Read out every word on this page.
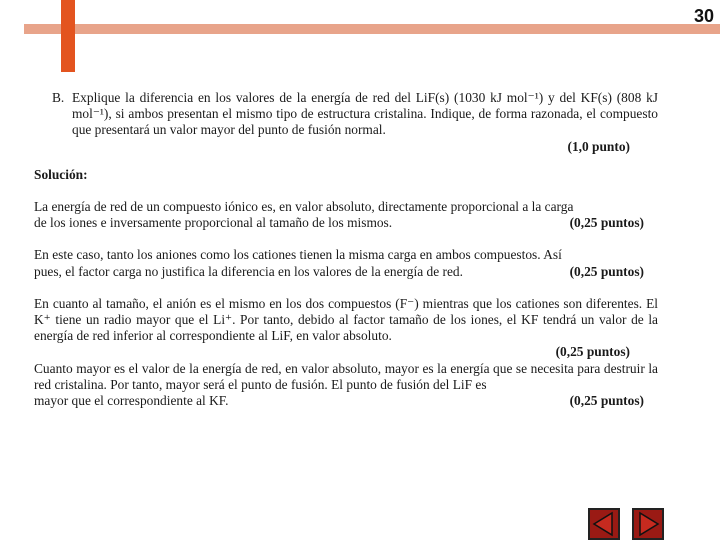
30
B. Explique la diferencia en los valores de la energía de red del LiF(s) (1030 kJ mol⁻¹) y del KF(s) (808 kJ mol⁻¹), si ambos presentan el mismo tipo de estructura cristalina. Indique, de forma razonada, el compuesto que presentará un valor mayor del punto de fusión normal.
(1,0 punto)
Solución:

La energía de red de un compuesto iónico es, en valor absoluto, directamente proporcional a la carga

de los iones e inversamente proporcional al tamaño de los mismos.	(0,25 puntos)

En este caso, tanto los aniones como los cationes tienen la misma carga en ambos compuestos. Así

pues, el factor carga no justifica la diferencia en los valores de la energía de red.	(0,25 puntos)

En cuanto al tamaño, el anión es el mismo en los dos compuestos (F⁻) mientras que los cationes son diferentes. El K⁺ tiene un radio mayor que el Li⁺. Por tanto, debido al factor tamaño de los iones, el KF tendrá un valor de la energía de red inferior al correspondiente al LiF, en valor absoluto.

(0,25 puntos)

Cuanto mayor es el valor de la energía de red, en valor absoluto, mayor es la energía que se necesita para destruir la red cristalina. Por tanto, mayor será el punto de fusión. El punto de fusión del LiF es

mayor que el correspondiente al KF.	(0,25 puntos)
